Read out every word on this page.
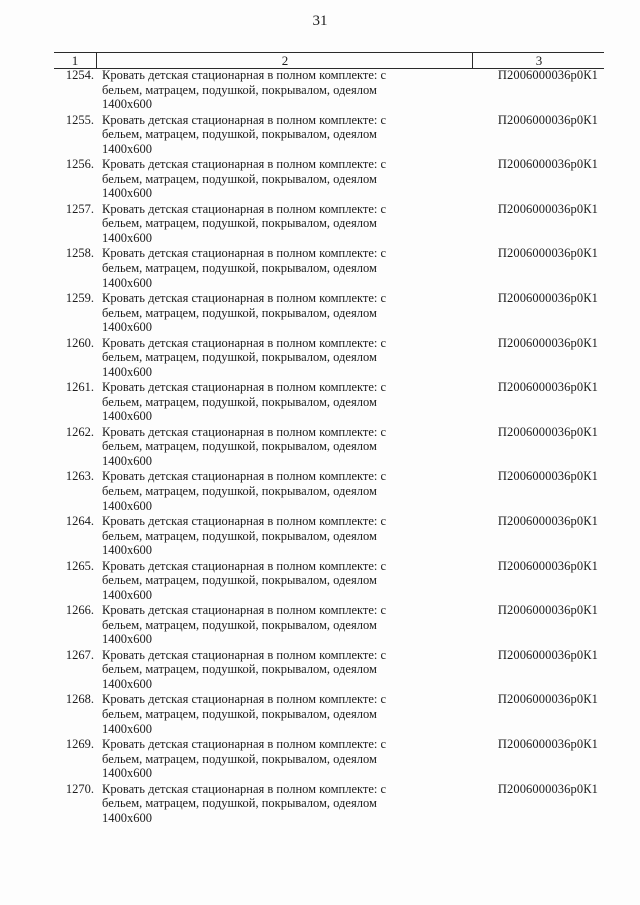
31
1	2	3
1254. Кровать детская стационарная в полном комплекте: с
бельем, матрацем, подушкой, покрывалом, одеялом
1400х600
П2006000036р0К1
1255. Кровать детская стационарная в полном комплекте: с
бельем, матрацем, подушкой, покрывалом, одеялом
1400х600
П2006000036р0К1
1256. Кровать детская стационарная в полном комплекте: с
бельем, матрацем, подушкой, покрывалом, одеялом
1400х600
П2006000036р0К1
1257. Кровать детская стационарная в полном комплекте: с
бельем, матрацем, подушкой, покрывалом, одеялом
1400х600
П2006000036р0К1
1258. Кровать детская стационарная в полном комплекте: с
бельем, матрацем, подушкой, покрывалом, одеялом
1400х600
П2006000036р0К1
1259. Кровать детская стационарная в полном комплекте: с
бельем, матрацем, подушкой, покрывалом, одеялом
1400х600
П2006000036р0К1
1260. Кровать детская стационарная в полном комплекте: с
бельем, матрацем, подушкой, покрывалом, одеялом
1400х600
П2006000036р0К1
1261. Кровать детская стационарная в полном комплекте: с
бельем, матрацем, подушкой, покрывалом, одеялом
1400х600
П2006000036р0К1
1262. Кровать детская стационарная в полном комплекте: с
бельем, матрацем, подушкой, покрывалом, одеялом
1400х600
П2006000036р0К1
1263. Кровать детская стационарная в полном комплекте: с
бельем, матрацем, подушкой, покрывалом, одеялом
1400х600
П2006000036р0К1
1264. Кровать детская стационарная в полном комплекте: с
бельем, матрацем, подушкой, покрывалом, одеялом
1400х600
П2006000036р0К1
1265. Кровать детская стационарная в полном комплекте: с
бельем, матрацем, подушкой, покрывалом, одеялом
1400х600
П2006000036р0К1
1266. Кровать детская стационарная в полном комплекте: с
бельем, матрацем, подушкой, покрывалом, одеялом
1400х600
П2006000036р0К1
1267. Кровать детская стационарная в полном комплекте: с
бельем, матрацем, подушкой, покрывалом, одеялом
1400х600
П2006000036р0К1
1268. Кровать детская стационарная в полном комплекте: с
бельем, матрацем, подушкой, покрывалом, одеялом
1400х600
П2006000036р0К1
1269. Кровать детская стационарная в полном комплекте: с
бельем, матрацем, подушкой, покрывалом, одеялом
1400х600
П2006000036р0К1
1270. Кровать детская стационарная в полном комплекте: с
бельем, матрацем, подушкой, покрывалом, одеялом
1400х600
П2006000036р0К1
